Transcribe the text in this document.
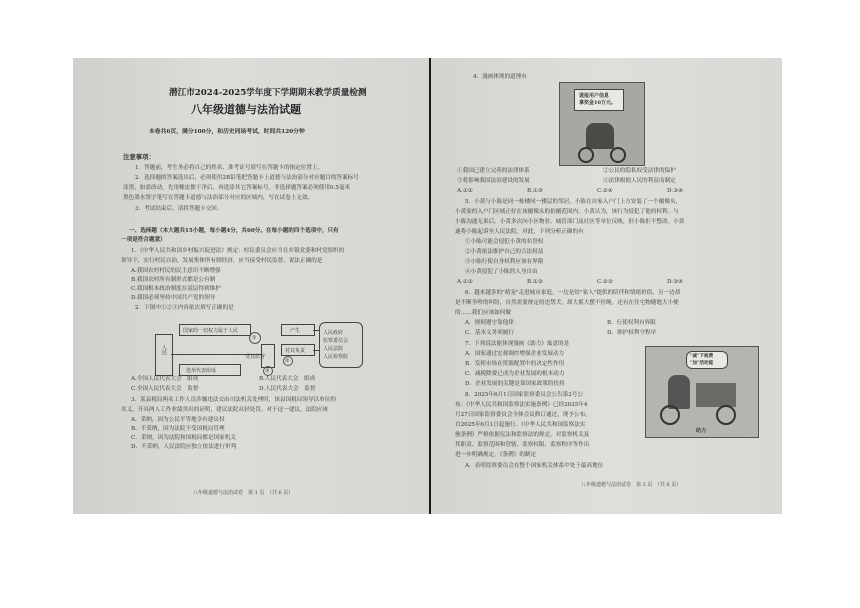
潜江市2024-2025学年度下学期期末教学质量检测
八年级道德与法治试题
本卷共6页，满分100分，和历史同场考试，时间共120分钟
注意事项：
1．答题前，考生务必将自己的姓名、准考证号填写在答题卡的指定位置上。
2．选择题的答案选出后，必须使用2B铅笔把答题卡上道德与法治部分对应题目的答案标号
涂黑，如需改动，先用橡皮擦干净后，再选涂其它答案标号。非选择题答案必须使用0.5毫米
黑色墨水签字笔写在答题卡道德与法治部分对应的区域内，写在试卷上无效。
3．考试结束后，请将答题卡交回。
一、选择题（本大题共15小题，每小题4分，共60分。在每小题的四个选项中，只有
一项是符合题意）
1．《中华人民共和国乡村振兴促进法》规定：村民委员会应当在乡镇党委和村党组织的
领导下，实行村民自治，发展集体所有制经济，应当接受村民监督。说法正确的是
A.我国农村村民的民主意识不断增强
B.我国农村所有制形式都是公有制
C.我国根本政治制度在基层得到维护
D.我国必须坚持中国共产党的领导
2．下图中①②③内容依次填写正确的是
国家的一切权力属于人民
人民
选举代表组成
①
产生
对其负责
②
③
人民政府
监察委员会
人民法院
人民检察院
受其监督
A.全国人民代表大会　组成	B.人民代表大会　组成
C.全国人民代表大会　监督	D.人民代表大会　监督
3．某县税局两名工作人员涉嫌违法交由司法机关处理时，该县国税局领导以单位的
名义，开具两人工作业绩突出的证明，建议法院从轻处罚。对于这一建议，法院应该
A．采纳，因为公民平等地享有建议权
B．不采纳，因为法院不受国税局管理
C．采纳，因为法院和国税局都是国家机关
D．不采纳，人民法院应独立依法进行审判
八年级道德与法治试卷　第 1 页　（共 6 页）
4．漫画体现的道理有
谎报用户信息
拿奖金10万元。
①我国已建立完善的法律体系	②公民的隐私权受法律的保护
③将影响我国法治建设的发展	④法律根据人民的利益而制定
A.①②	B.①③	C.②④	D.③④
5．小黄与小陈是同一栋楼同一楼层的邻居，小陈在自家入户门上方安装了一个摄像头，
小黄家的入户门区域正好在该摄像头的拍摄范围内。小黄认为，该行为侵犯了他的权利。与
小陈沟通无果后，小黄多次向小区物业、城管部门及社区等单位反映，但小陈拒不整改。小黄
遂将小陈起诉至人民法院。对此，下列分析正确的有
①小陈可能会侵犯小黄的名誉权
②小黄依法维护自己的合法权益
③小陈行使自身权利应该有界限
④小黄侵犯了小陈的人身自由
A.①②	B.①③	C.②③	D.③④
6．越来越多的"萌宠"走进城市家庭，一边是给"家人"提供的陪伴和情绪价值，另一边却
是不断争吵的纠纷，自然需要规定的违禁犬，却大摇大摆不拴绳，还有在住宅物随地大小便
的……我们应该如何做
A．规则遵守靠他律	B．行使权利有界限
C．基本义务须履行	D．维护权利守程序
7．下列说法能体现漫画《助力》寓意的是
A．国家通过宏观调控增强企业发展动力
B．发挥市场在资源配置中的决定性作用
C．减税降费已成为企业发展的根本动力
D．企业发展的关键是靠国家政策的扶持
"减"下税费
"加"活动能
助力
8．2025年6月1日国家监察委员会公告第2号公
布：《中华人民共和国监察法实施条例》已经2025年4
月27日国家监察委员会全体会议修订通过，现予公布，
自2025年6月1日起施行。《中华人民共和国监察法实
施条例》严格依据宪法和监察法的规定，对监察机关及
其职责、监察范围和管辖、监察权限、监察程序等作出
进一步明确规定。《条例》的制定
A．表明监察委员会在整个国家机关体系中处于最高地位
八年级道德与法治试卷　第 2 页　（共 6 页）
